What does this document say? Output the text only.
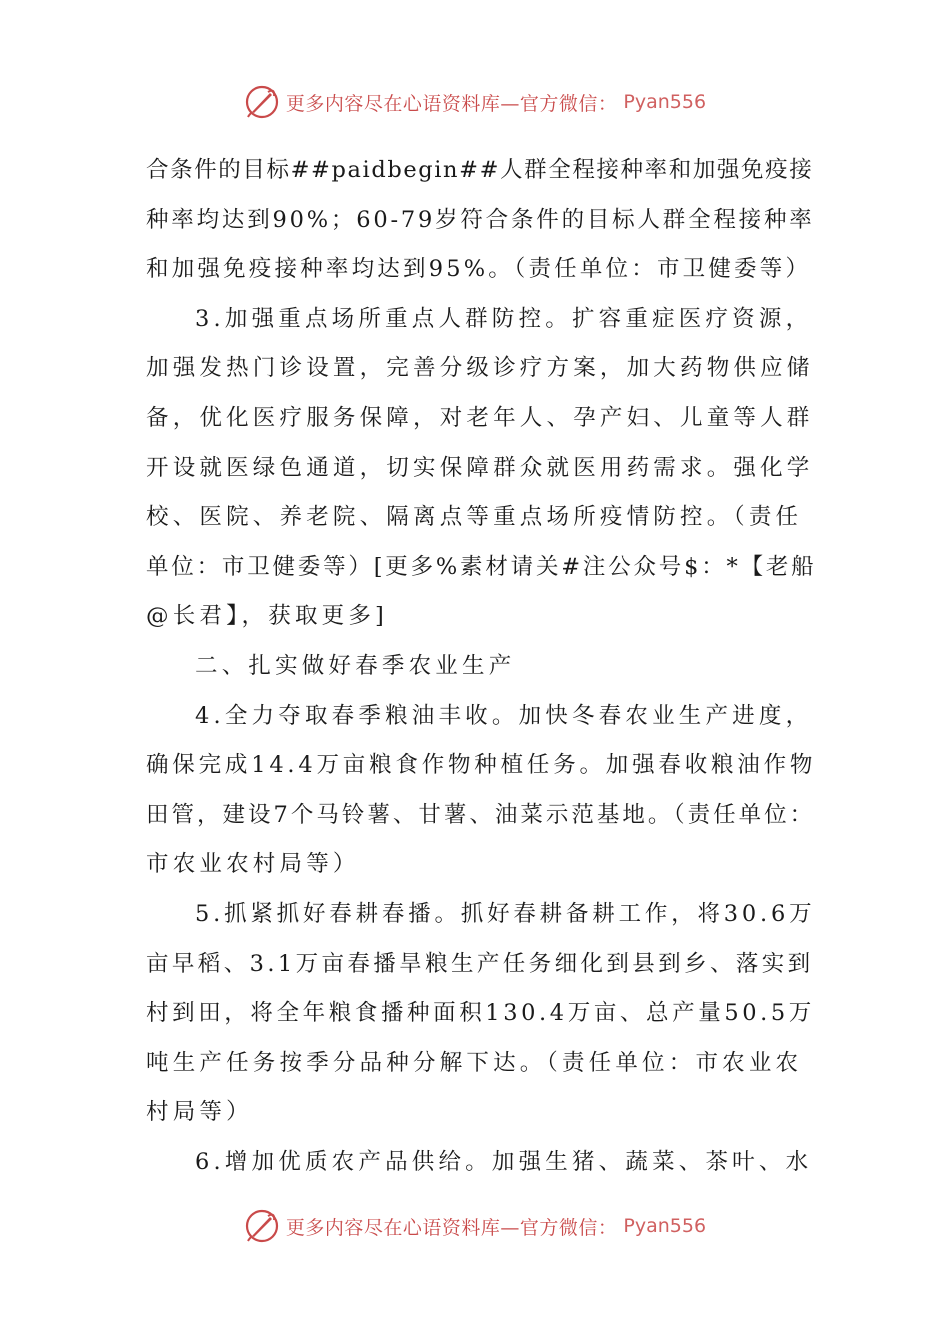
更多内容尽在心语资料库—官方微信： Pyan556
合条件的目标##paidbegin##人群全程接种率和加强免疫接
种率均达到90%；60-79岁符合条件的目标人群全程接种率
和加强免疫接种率均达到95%。（责任单位：市卫健委等）
3.加强重点场所重点人群防控。扩容重症医疗资源，
加强发热门诊设置，完善分级诊疗方案，加大药物供应储
备，优化医疗服务保障，对老年人、孕产妇、儿童等人群
开设就医绿色通道，切实保障群众就医用药需求。强化学
校、医院、养老院、隔离点等重点场所疫情防控。（责任
单位：市卫健委等）[更多%素材请关#注公众号$：*【老船
@长君】，获取更多]
二、扎实做好春季农业生产
4.全力夺取春季粮油丰收。加快冬春农业生产进度，
确保完成14.4万亩粮食作物种植任务。加强春收粮油作物
田管，建设7个马铃薯、甘薯、油菜示范基地。（责任单位：
市农业农村局等）
5.抓紧抓好春耕春播。抓好春耕备耕工作，将30.6万
亩早稻、3.1万亩春播旱粮生产任务细化到县到乡、落实到
村到田，将全年粮食播种面积130.4万亩、总产量50.5万
吨生产任务按季分品种分解下达。（责任单位：市农业农
村局等）
6.增加优质农产品供给。加强生猪、蔬菜、茶叶、水
更多内容尽在心语资料库—官方微信： Pyan556
